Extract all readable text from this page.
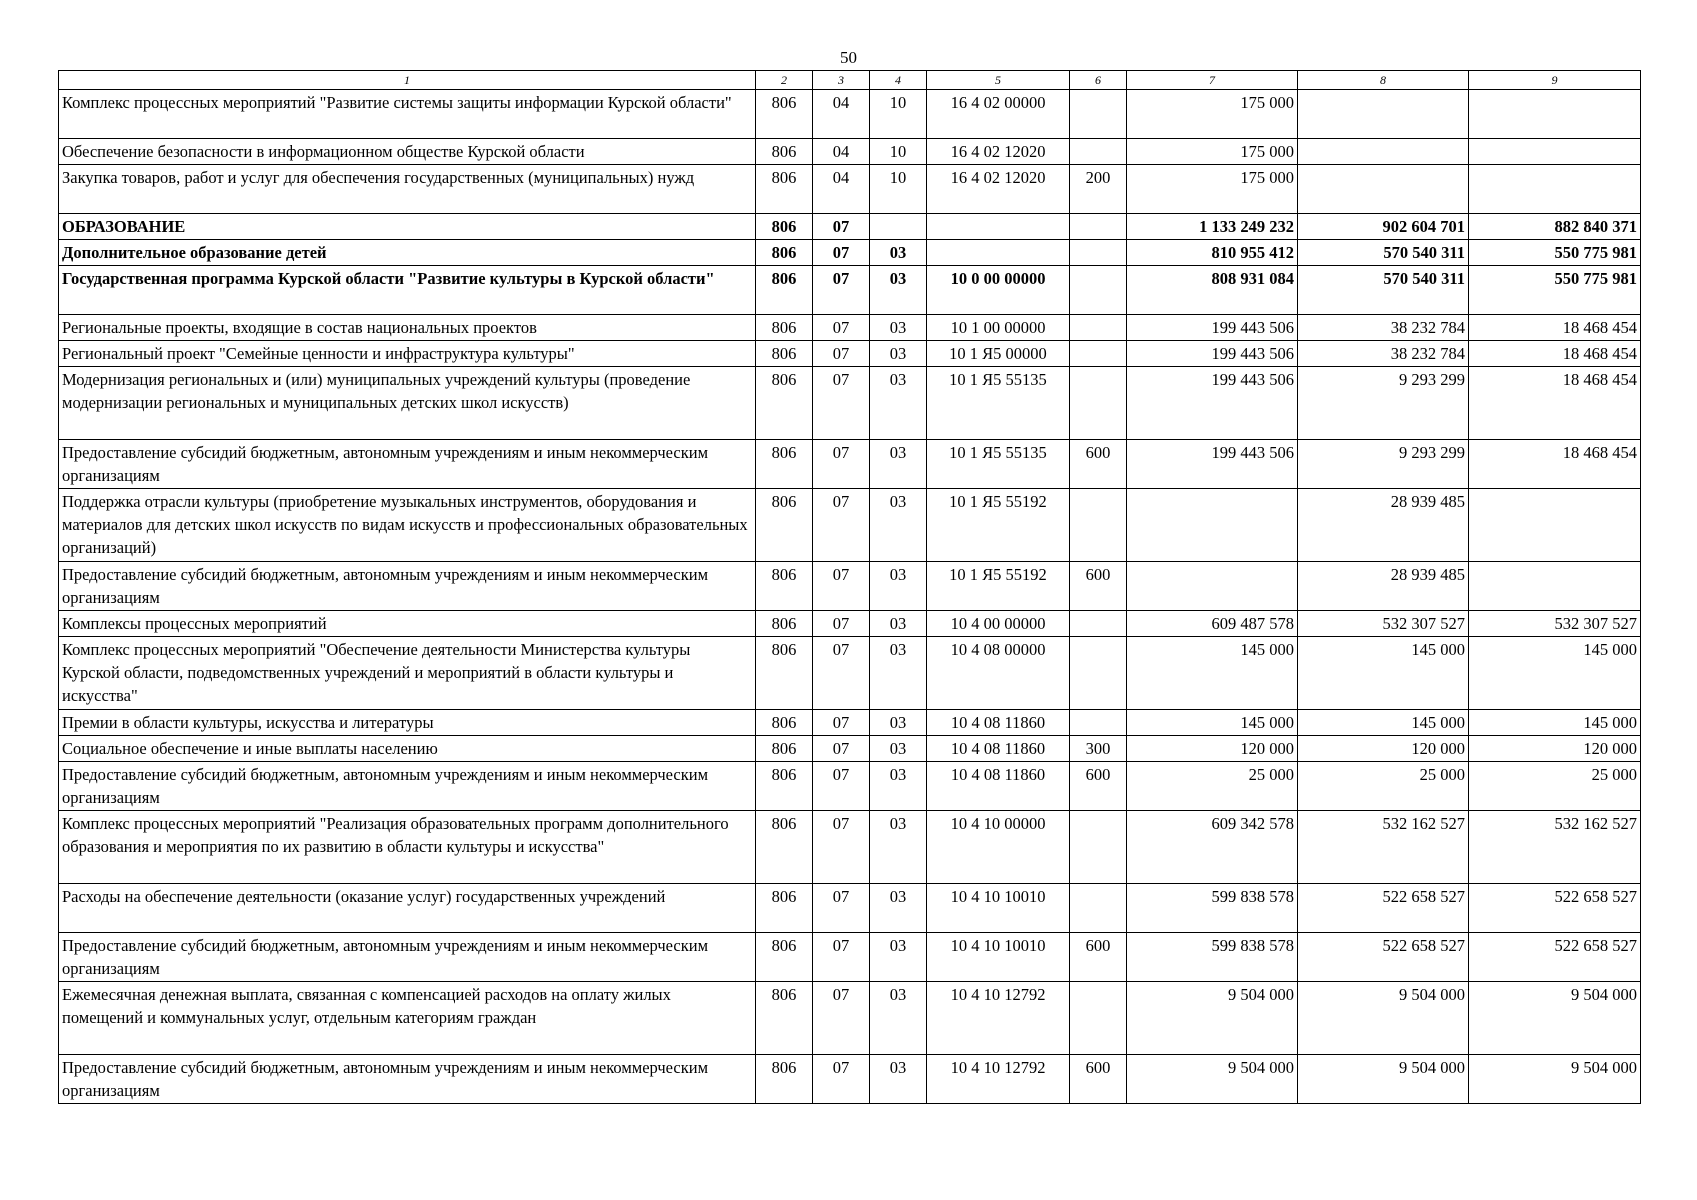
50
1	2	3	4	5	6	7	8	9
Комплекс процессных мероприятий "Развитие системы защиты информации Курской области"	806	04	10	16 4 02 00000		175 000		
Обеспечение безопасности в информационном обществе Курской области	806	04	10	16 4 02 12020		175 000		
Закупка товаров, работ и услуг для обеспечения государственных (муниципальных) нужд	806	04	10	16 4 02 12020	200	175 000		
ОБРАЗОВАНИЕ	806	07				1 133 249 232	902 604 701	882 840 371
Дополнительное образование детей	806	07	03			810 955 412	570 540 311	550 775 981
Государственная программа Курской области "Развитие культуры в Курской области"	806	07	03	10 0 00 00000		808 931 084	570 540 311	550 775 981
Региональные проекты, входящие в состав национальных проектов	806	07	03	10 1 00 00000		199 443 506	38 232 784	18 468 454
Региональный проект "Семейные ценности и инфраструктура культуры"	806	07	03	10 1 Я5 00000		199 443 506	38 232 784	18 468 454
Модернизация региональных и (или) муниципальных учреждений культуры (проведение модернизации региональных и муниципальных детских школ искусств)	806	07	03	10 1 Я5 55135		199 443 506	9 293 299	18 468 454
Предоставление субсидий бюджетным, автономным учреждениям и иным некоммерческим организациям	806	07	03	10 1 Я5 55135	600	199 443 506	9 293 299	18 468 454
Поддержка отрасли культуры (приобретение музыкальных инструментов, оборудования и материалов для детских школ искусств по видам искусств и профессиональных образовательных организаций)	806	07	03	10 1 Я5 55192			28 939 485	
Предоставление субсидий бюджетным, автономным учреждениям и иным некоммерческим организациям	806	07	03	10 1 Я5 55192	600		28 939 485	
Комплексы процессных мероприятий	806	07	03	10 4 00 00000		609 487 578	532 307 527	532 307 527
Комплекс процессных мероприятий "Обеспечение деятельности Министерства культуры Курской области, подведомственных учреждений и мероприятий в области культуры и искусства"	806	07	03	10 4 08 00000		145 000	145 000	145 000
Премии в области культуры, искусства и литературы	806	07	03	10 4 08 11860		145 000	145 000	145 000
Социальное обеспечение и иные выплаты населению	806	07	03	10 4 08 11860	300	120 000	120 000	120 000
Предоставление субсидий бюджетным, автономным учреждениям и иным некоммерческим организациям	806	07	03	10 4 08 11860	600	25 000	25 000	25 000
Комплекс процессных мероприятий "Реализация образовательных программ дополнительного образования и мероприятия по их развитию в области культуры и искусства"	806	07	03	10 4 10 00000		609 342 578	532 162 527	532 162 527
Расходы на обеспечение деятельности (оказание услуг) государственных учреждений	806	07	03	10 4 10 10010		599 838 578	522 658 527	522 658 527
Предоставление субсидий бюджетным, автономным учреждениям и иным некоммерческим организациям	806	07	03	10 4 10 10010	600	599 838 578	522 658 527	522 658 527
Ежемесячная денежная выплата, связанная с компенсацией расходов на оплату жилых помещений и коммунальных услуг, отдельным категориям граждан	806	07	03	10 4 10 12792		9 504 000	9 504 000	9 504 000
Предоставление субсидий бюджетным, автономным учреждениям и иным некоммерческим организациям	806	07	03	10 4 10 12792	600	9 504 000	9 504 000	9 504 000
